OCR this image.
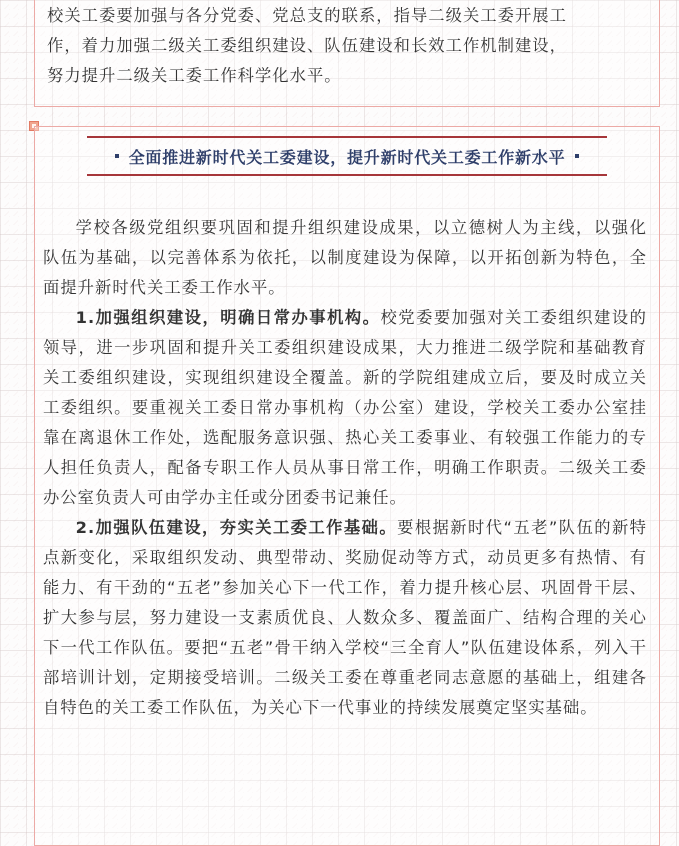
校关工委要加强与各分党委、党总支的联系，指导二级关工委开展工

作，着力加强二级关工委组织建设、队伍建设和长效工作机制建设，

努力提升二级关工委工作科学化水平。

全面推进新时代关工委建设，提升新时代关工委工作新水平

学校各级党组织要巩固和提升组织建设成果，以立德树人为主线，以强化队伍为基础，以完善体系为依托，以制度建设为保障，以开拓创新为特色，全面提升新时代关工委工作水平。

1.加强组织建设，明确日常办事机构。校党委要加强对关工委组织建设的领导，进一步巩固和提升关工委组织建设成果，大力推进二级学院和基础教育关工委组织建设，实现组织建设全覆盖。新的学院组建成立后，要及时成立关工委组织。要重视关工委日常办事机构（办公室）建设，学校关工委办公室挂靠在离退休工作处，选配服务意识强、热心关工委事业、有较强工作能力的专人担任负责人，配备专职工作人员从事日常工作，明确工作职责。二级关工委办公室负责人可由学办主任或分团委书记兼任。

2.加强队伍建设，夯实关工委工作基础。要根据新时代“五老”队伍的新特点新变化，采取组织发动、典型带动、奖励促动等方式，动员更多有热情、有能力、有干劲的“五老”参加关心下一代工作，着力提升核心层、巩固骨干层、扩大参与层，努力建设一支素质优良、人数众多、覆盖面广、结构合理的关心下一代工作队伍。要把“五老”骨干纳入学校“三全育人”队伍建设体系，列入干部培训计划，定期接受培训。二级关工委在尊重老同志意愿的基础上，组建各自特色的关工委工作队伍，为关心下一代事业的持续发展奠定坚实基础。
